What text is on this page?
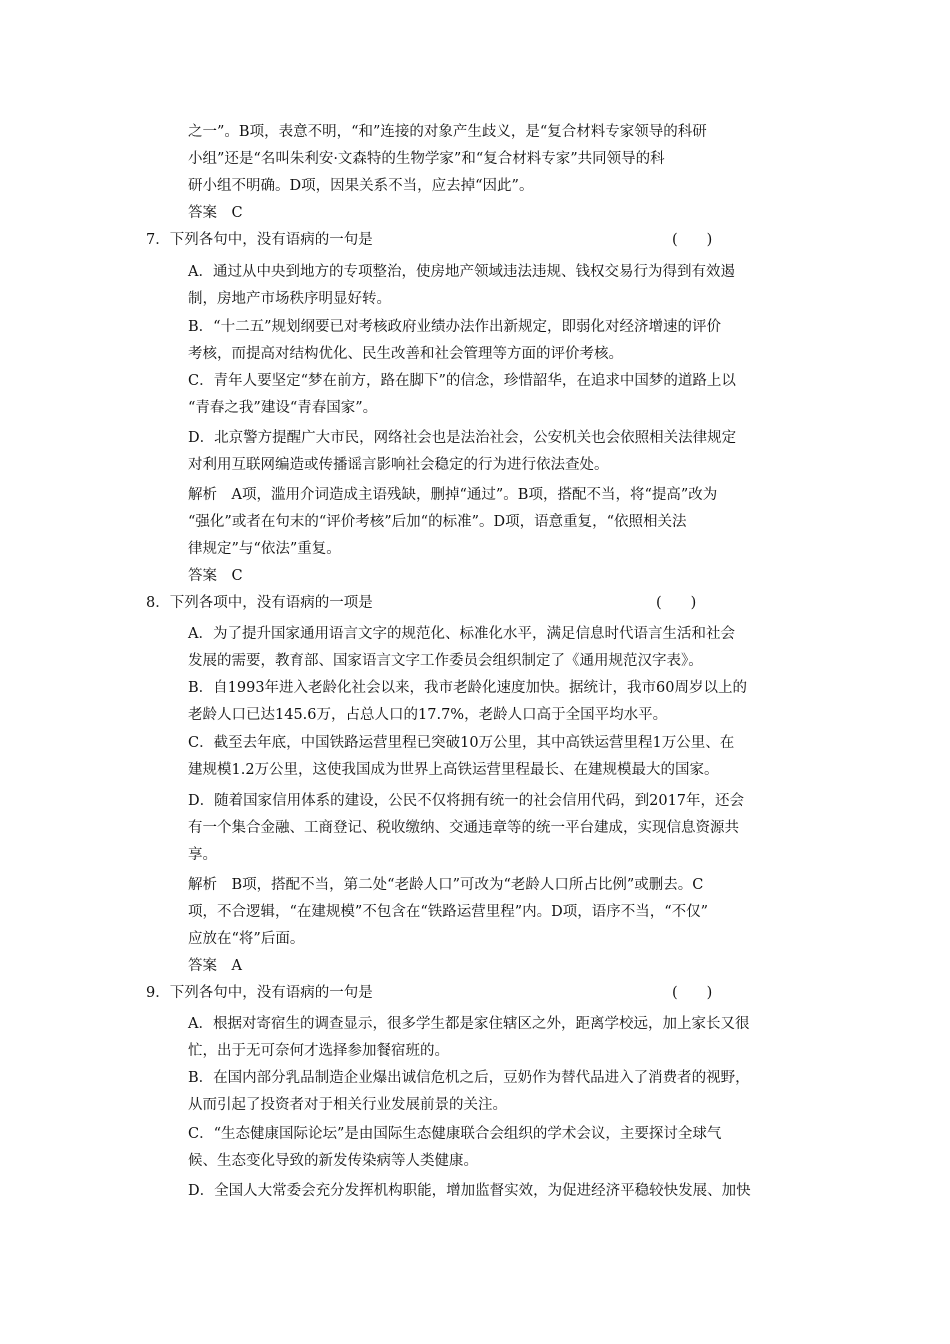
之一”。B项，表意不明，“和”连接的对象产生歧义，是“复合材料专家领导的科研
小组”还是“名叫朱利安·文森特的生物学家”和“复合材料专家”共同领导的科
研小组不明确。D项，因果关系不当，应去掉“因此”。
答案　C
7．下列各句中，没有语病的一句是	(　　)
A．通过从中央到地方的专项整治，使房地产领域违法违规、钱权交易行为得到有效遏
制，房地产市场秩序明显好转。
B．“十二五”规划纲要已对考核政府业绩办法作出新规定，即弱化对经济增速的评价
考核，而提高对结构优化、民生改善和社会管理等方面的评价考核。
C．青年人要坚定“梦在前方，路在脚下”的信念，珍惜韶华，在追求中国梦的道路上以
“青春之我”建设“青春国家”。
D．北京警方提醒广大市民，网络社会也是法治社会，公安机关也会依照相关法律规定
对利用互联网编造或传播谣言影响社会稳定的行为进行依法查处。
解析　A项，滥用介词造成主语残缺，删掉“通过”。B项，搭配不当，将“提高”改为
“强化”或者在句末的“评价考核”后加“的标准”。D项，语意重复，“依照相关法
律规定”与“依法”重复。
答案　C
8．下列各项中，没有语病的一项是	(　　)
A．为了提升国家通用语言文字的规范化、标准化水平，满足信息时代语言生活和社会
发展的需要，教育部、国家语言文字工作委员会组织制定了《通用规范汉字表》。
B．自1993年进入老龄化社会以来，我市老龄化速度加快。据统计，我市60周岁以上的
老龄人口已达145.6万，占总人口的17.7%，老龄人口高于全国平均水平。
C．截至去年底，中国铁路运营里程已突破10万公里，其中高铁运营里程1万公里、在
建规模1.2万公里，这使我国成为世界上高铁运营里程最长、在建规模最大的国家。
D．随着国家信用体系的建设，公民不仅将拥有统一的社会信用代码，到2017年，还会
有一个集合金融、工商登记、税收缴纳、交通违章等的统一平台建成，实现信息资源共
享。
解析　B项，搭配不当，第二处“老龄人口”可改为“老龄人口所占比例”或删去。C
项，不合逻辑，“在建规模”不包含在“铁路运营里程”内。D项，语序不当，“不仅”
应放在“将”后面。
答案　A
9．下列各句中，没有语病的一句是	(　　)
A．根据对寄宿生的调查显示，很多学生都是家住辖区之外，距离学校远，加上家长又很
忙，出于无可奈何才选择参加餐宿班的。
B．在国内部分乳品制造企业爆出诚信危机之后，豆奶作为替代品进入了消费者的视野，
从而引起了投资者对于相关行业发展前景的关注。
C．“生态健康国际论坛”是由国际生态健康联合会组织的学术会议，主要探讨全球气
候、生态变化导致的新发传染病等人类健康。
D．全国人大常委会充分发挥机构职能，增加监督实效，为促进经济平稳较快发展、加快
